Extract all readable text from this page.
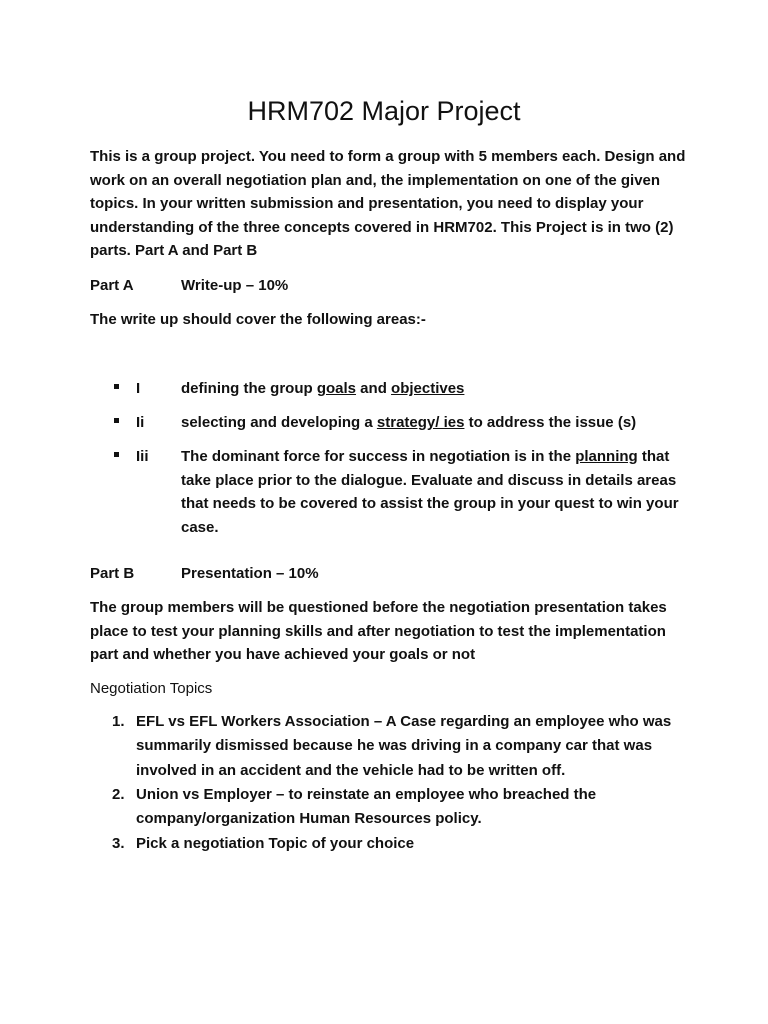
HRM702 Major Project

This is a group project. You need to form a group with 5 members each. Design and work on an overall negotiation plan and, the implementation on one of the given topics. In your written submission and presentation, you need to display your understanding of the three concepts covered in HRM702. This Project is in two (2) parts. Part A and Part B

Part A	Write-up – 10%
The write up should cover the following areas:-
I	defining the group goals and objectives
Ii selecting and developing a strategy/ ies to address the issue (s)
Iii The dominant force for success in negotiation is in the planning that take place prior to the dialogue. Evaluate and discuss in details areas that needs to be covered to assist the group in your quest to win your case.
Part B	Presentation – 10%

The group members will be questioned before the negotiation presentation takes place to test your planning skills and after negotiation to test the implementation part and whether you have achieved your goals or not

Negotiation Topics
1. EFL vs EFL Workers Association – A Case regarding an employee who was summarily dismissed because he was driving in a company car that was involved in an accident and the vehicle had to be written off.
2. Union vs Employer – to reinstate an employee who breached the company/organization Human Resources policy.
3. Pick a negotiation Topic of your choice
